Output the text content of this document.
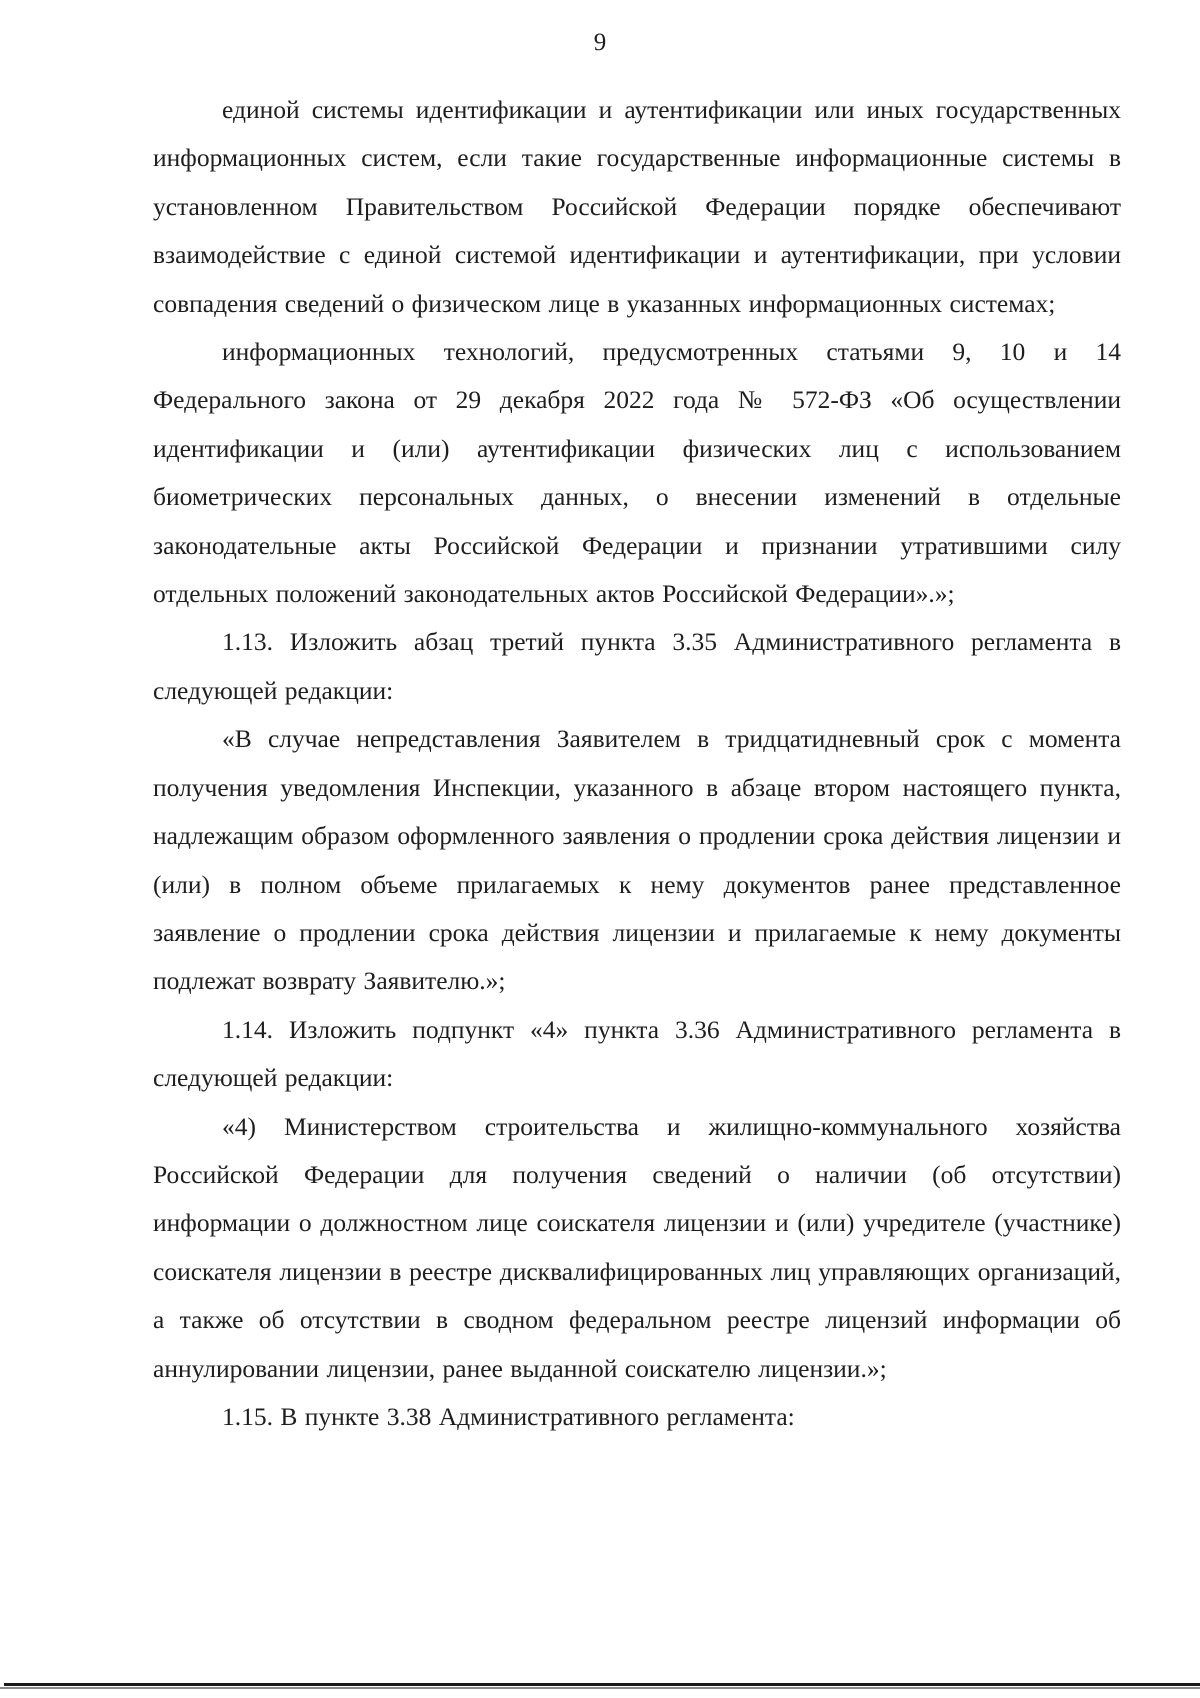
9

единой системы идентификации и аутентификации или иных государственных информационных систем, если такие государственные информационные системы в установленном Правительством Российской Федерации порядке обеспечивают взаимодействие с единой системой идентификации и аутентификации, при условии совпадения сведений о физическом лице в указанных информационных системах;

информационных технологий, предусмотренных статьями 9, 10 и 14 Федерального закона от 29 декабря 2022 года № 572-ФЗ «Об осуществлении идентификации и (или) аутентификации физических лиц с использованием биометрических персональных данных, о внесении изменений в отдельные законодательные акты Российской Федерации и признании утратившими силу отдельных положений законодательных актов Российской Федерации».»;

1.13. Изложить абзац третий пункта 3.35 Административного регламента в следующей редакции:

«В случае непредставления Заявителем в тридцатидневный срок с момента получения уведомления Инспекции, указанного в абзаце втором настоящего пункта, надлежащим образом оформленного заявления о продлении срока действия лицензии и (или) в полном объеме прилагаемых к нему документов ранее представленное заявление о продлении срока действия лицензии и прилагаемые к нему документы подлежат возврату Заявителю.»;

1.14. Изложить подпункт «4» пункта 3.36 Административного регламента в следующей редакции:

«4) Министерством строительства и жилищно-коммунального хозяйства Российской Федерации для получения сведений о наличии (об отсутствии) информации о должностном лице соискателя лицензии и (или) учредителе (участнике) соискателя лицензии в реестре дисквалифицированных лиц управляющих организаций, а также об отсутствии в сводном федеральном реестре лицензий информации об аннулировании лицензии, ранее выданной соискателю лицензии.»;

1.15. В пункте 3.38 Административного регламента:
